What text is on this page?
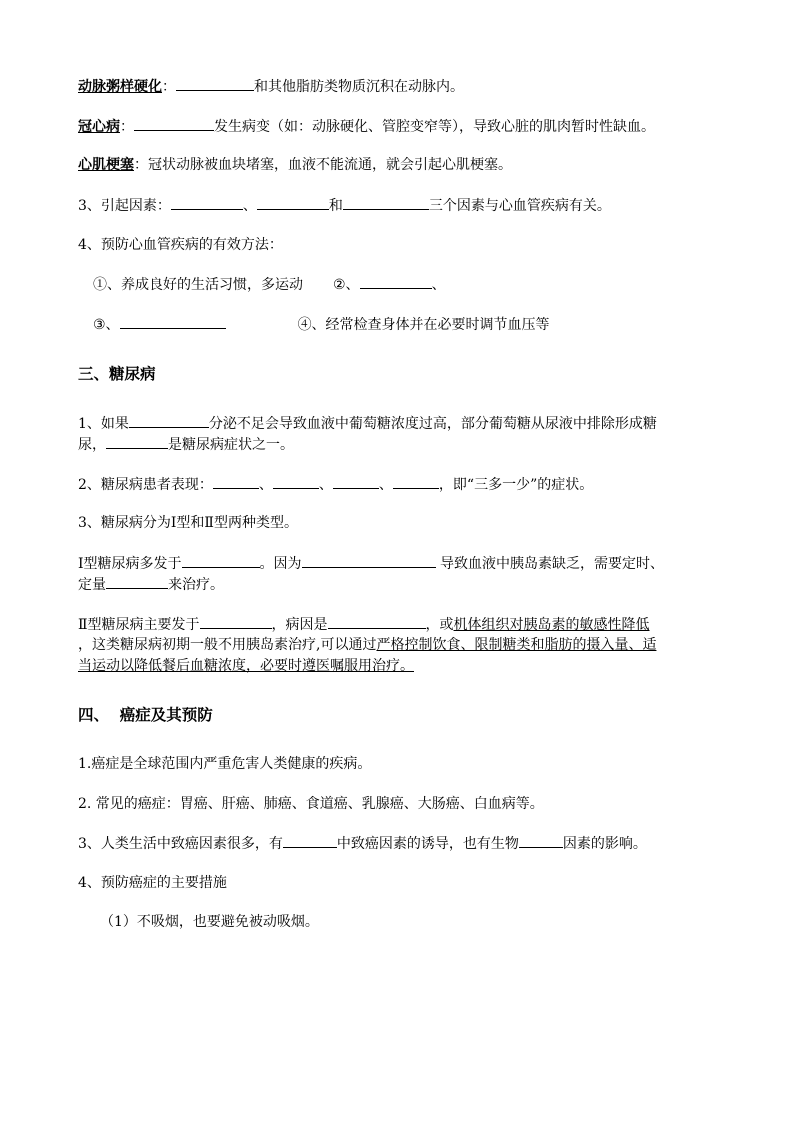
动脉粥样硬化：	和其他脂肪类物质沉积在动脉内。
冠心病：	发生病变（如：动脉硬化、管腔变窄等），导致心脏的肌肉暂时性缺血。
心肌梗塞：冠状动脉被血块堵塞，血液不能流通，就会引起心肌梗塞。
3、引起因素：	、	和	三个因素与心血管疾病有关。
4、预防心血管疾病的有效方法：
①、养成良好的生活习惯，多运动 ②、	、
③、	④、经常检查身体并在必要时调节血压等
三、糖尿病
1、如果	分泌不足会导致血液中葡萄糖浓度过高，部分葡萄糖从尿液中排除形成糖
尿，	是糖尿病症状之一。
2、糖尿病患者表现：	、	、	、	，即“三多一少”的症状。
3、糖尿病分为Ⅰ型和Ⅱ型两种类型。
Ⅰ型糖尿病多发于	。因为	导致血液中胰岛素缺乏，需要定时、
定量	来治疗。
Ⅱ型糖尿病主要发于	，病因是	，或机体组织对胰岛素的敏感性降低
，这类糖尿病初期一般不用胰岛素治疗,可以通过严格控制饮食、限制糖类和脂肪的摄入量、适
当运动以降低餐后血糖浓度，必要时遵医嘱服用治疗。
四、  癌症及其预防
1.癌症是全球范围内严重危害人类健康的疾病。
2. 常见的癌症：胃癌、肝癌、肺癌、食道癌、乳腺癌、大肠癌、白血病等。
3、人类生活中致癌因素很多，有	中致癌因素的诱导，也有生物	因素的影响。
4、预防癌症的主要措施
（1）不吸烟，也要避免被动吸烟。
